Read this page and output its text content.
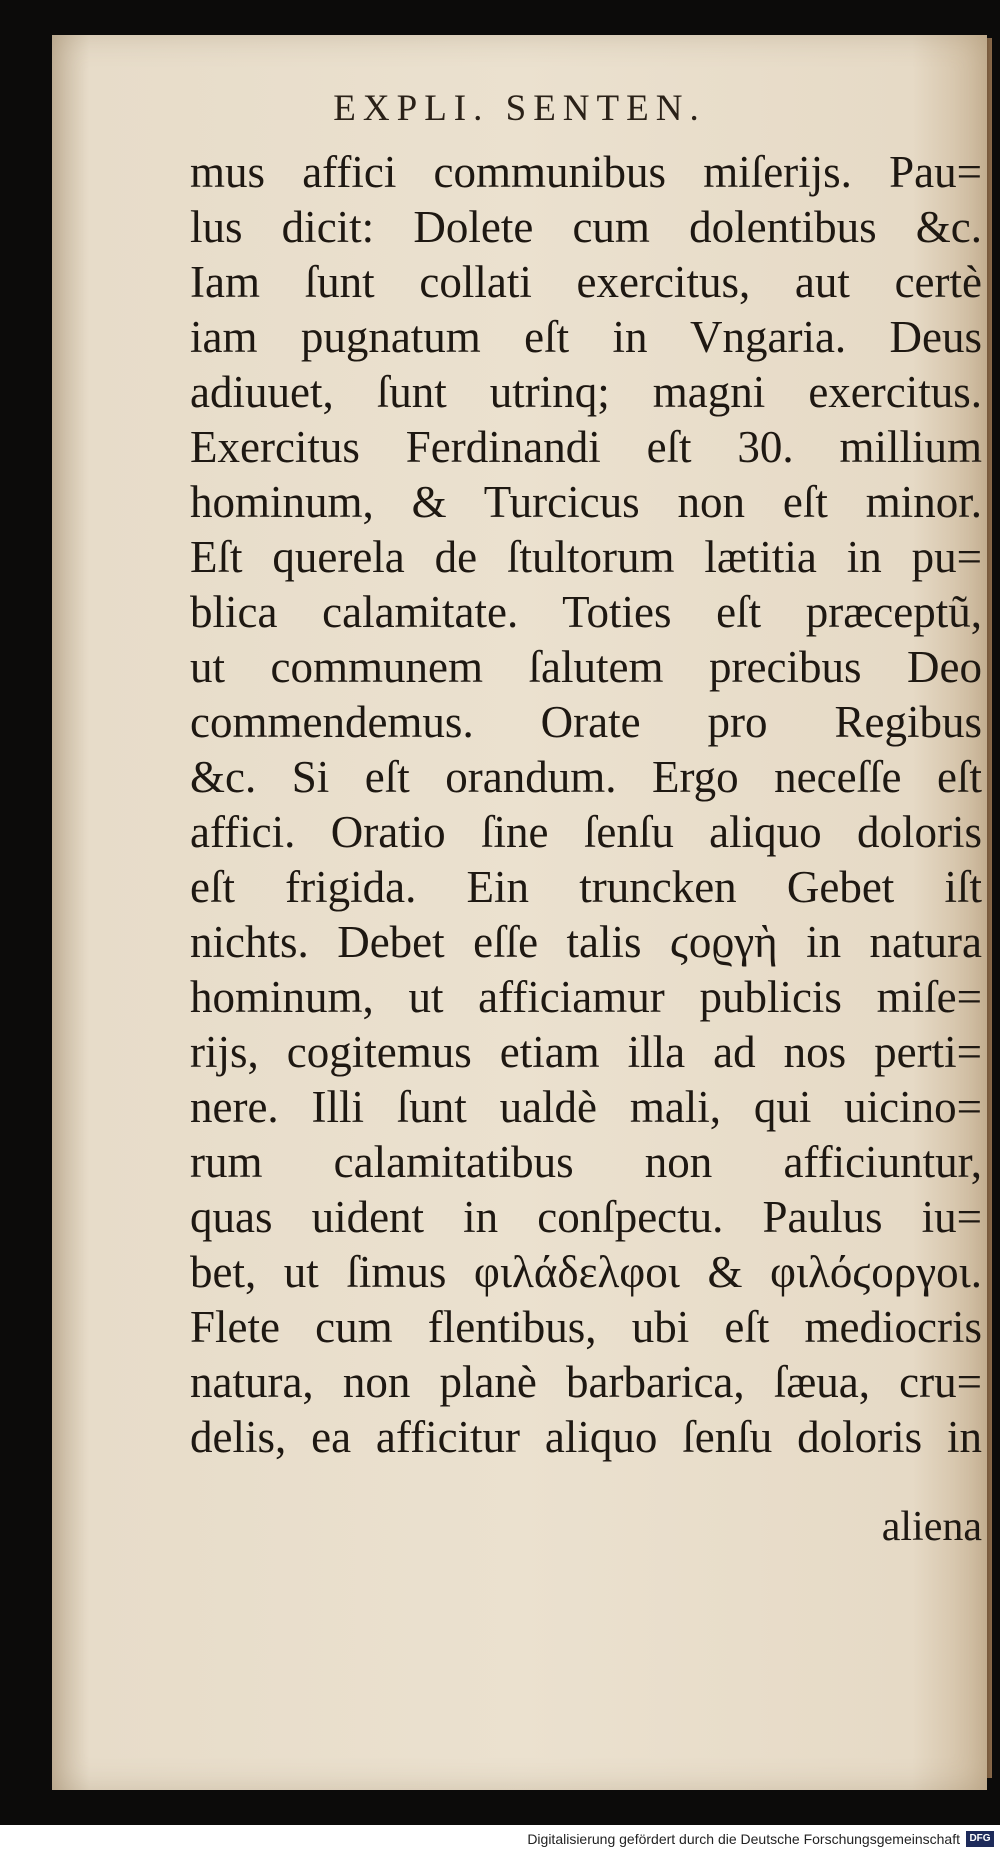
EXPLI. SENTEN.
mus affici communibus miſerijs. Pau=
lus dicit: Dolete cum dolentibus &c.
Iam ſunt collati exercitus, aut certè
iam pugnatum eſt in Vngaria. Deus
adiuuet, ſunt utrinq; magni exercitus.
Exercitus Ferdinandi eſt 30. millium
hominum, & Turcicus non eſt minor.
Eſt querela de ſtultorum lætitia in pu=
blica calamitate. Toties eſt præceptũ,
ut communem ſalutem precibus Deo
commendemus. Orate pro Regibus
&c. Si eſt orandum. Ergo neceſſe eſt
affici. Oratio ſine ſenſu aliquo doloris
eſt frigida. Ein truncken Gebet iſt
nichts. Debet eſſe talis ϛοϱγὴ in natura
hominum, ut afficiamur publicis miſe=
rijs, cogitemus etiam illa ad nos perti=
nere. Illi ſunt ualdè mali, qui uicino=
rum calamitatibus non afficiuntur,
quas uident in conſpectu. Paulus iu=
bet, ut ſimus φιλάδελφοι & φιλόϛοργοι.
Flete cum flentibus, ubi eſt mediocris
natura, non planè barbarica, ſæua, cru=
delis, ea afficitur aliquo ſenſu doloris in
aliena
Digitalisierung gefördert durch die Deutsche Forschungsgemeinschaft DFG
